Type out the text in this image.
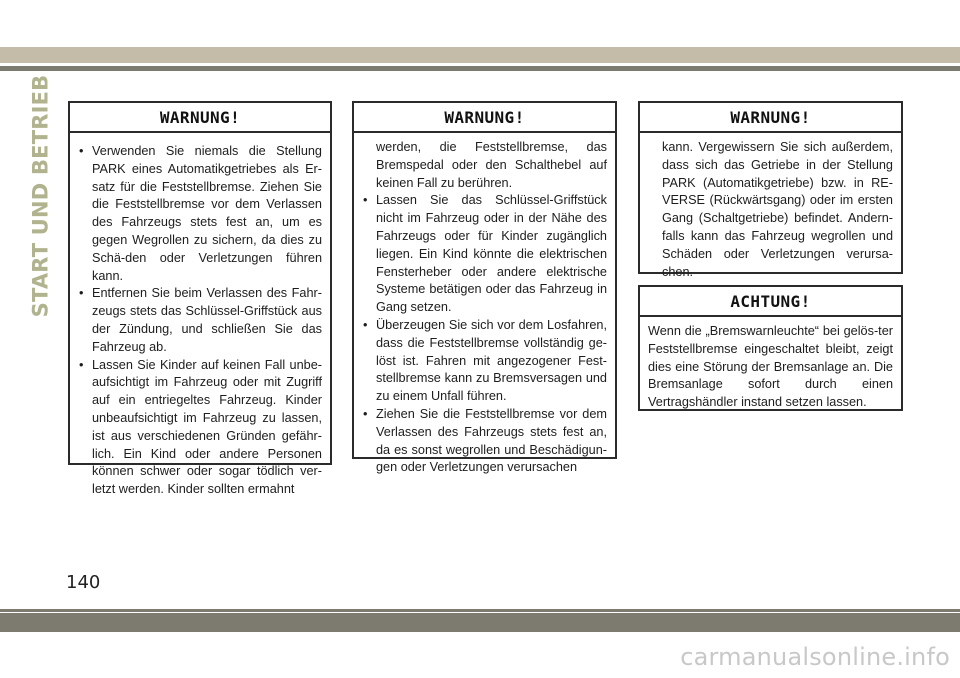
START UND BETRIEB	WARNUNG!
• Verwenden Sie niemals die Stellung PARK eines Automatikgetriebes als Er-satz für die Feststellbremse. Ziehen Sie die Feststellbremse vor dem Verlassen des Fahrzeugs stets fest an, um es gegen Wegrollen zu sichern, da dies zu Schä-den oder Verletzungen führen kann.
• Entfernen Sie beim Verlassen des Fahr-zeugs stets das Schlüssel-Griffstück aus der Zündung, und schließen Sie das Fahrzeug ab.
• Lassen Sie Kinder auf keinen Fall unbe-aufsichtigt im Fahrzeug oder mit Zugriff auf ein entriegeltes Fahrzeug. Kinder unbeaufsichtigt im Fahrzeug zu lassen, ist aus verschiedenen Gründen gefähr-lich. Ein Kind oder andere Personen können schwer oder sogar tödlich ver-letzt werden. Kinder sollten ermahnt
WARNUNG!
werden, die Feststellbremse, das Bremspedal oder den Schalthebel auf keinen Fall zu berühren.
• Lassen Sie das Schlüssel-Griffstück nicht im Fahrzeug oder in der Nähe des Fahrzeugs oder für Kinder zugänglich liegen. Ein Kind könnte die elektrischen Fensterheber oder andere elektrische Systeme betätigen oder das Fahrzeug in Gang setzen.
• Überzeugen Sie sich vor dem Losfahren, dass die Feststellbremse vollständig ge-löst ist. Fahren mit angezogener Fest-stellbremse kann zu Bremsversagen und zu einem Unfall führen.
• Ziehen Sie die Feststellbremse vor dem Verlassen des Fahrzeugs stets fest an, da es sonst wegrollen und Beschädigun-gen oder Verletzungen verursachen
WARNUNG!
kann. Vergewissern Sie sich außerdem, dass sich das Getriebe in der Stellung PARK (Automatikgetriebe) bzw. in RE-VERSE (Rückwärtsgang) oder im ersten Gang (Schaltgetriebe) befindet. Andern-falls kann das Fahrzeug wegrollen und Schäden oder Verletzungen verursa-chen.
ACHTUNG!
Wenn die „Bremswarnleuchte“ bei gelös-ter Feststellbremse eingeschaltet bleibt, zeigt dies eine Störung der Bremsanlage an. Die Bremsanlage sofort durch einen Vertragshändler instand setzen lassen.
140
carmanualsonline.info
